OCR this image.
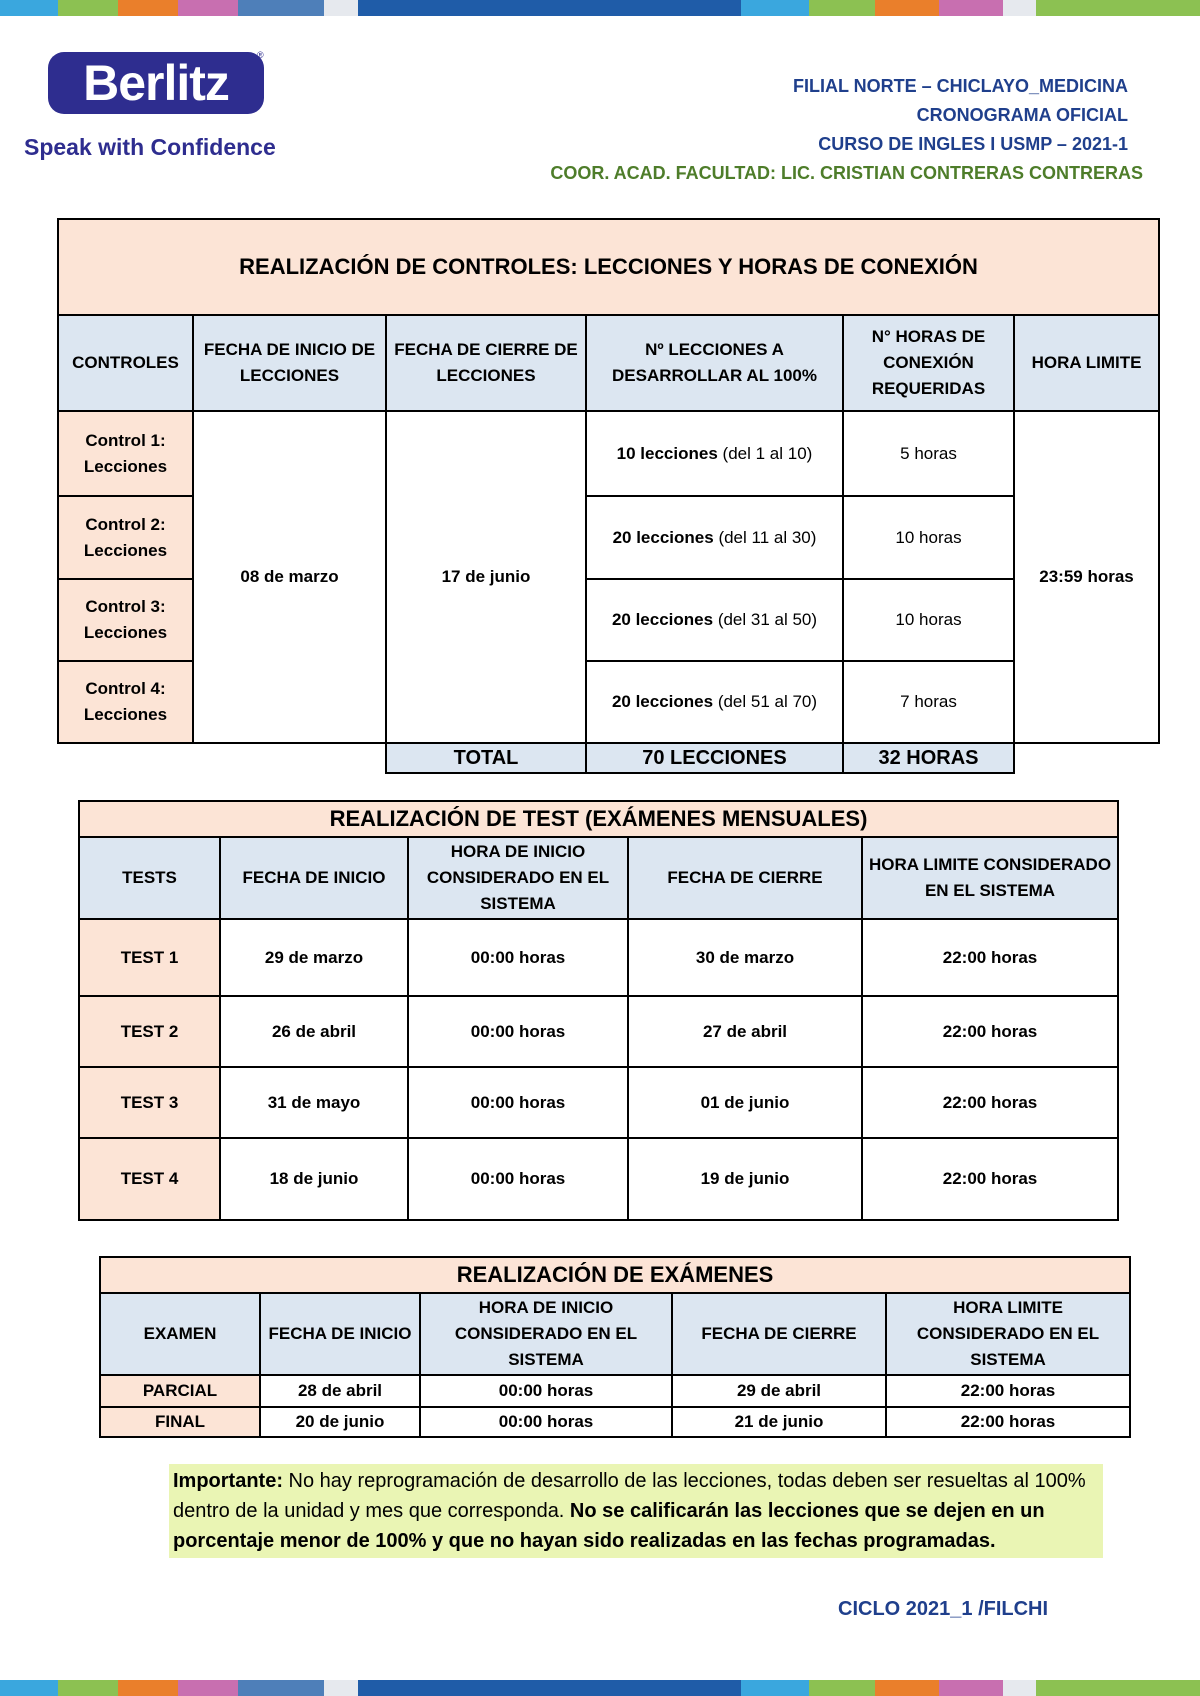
Berlitz	®
Speak with Confidence
FILIAL NORTE – CHICLAYO_MEDICINA
CRONOGRAMA OFICIAL
CURSO DE INGLES I USMP – 2021-1
COOR. ACAD. FACULTAD: LIC. CRISTIAN CONTRERAS CONTRERAS
REALIZACIÓN DE CONTROLES: LECCIONES Y HORAS DE CONEXIÓN					
CONTROLES	FECHA DE INICIO DE LECCIONES	FECHA DE CIERRE DE LECCIONES	Nº LECCIONES A DESARROLLAR AL 100%	N° HORAS DE CONEXIÓN REQUERIDAS	HORA LIMITE
Control 1: Lecciones	08 de marzo	17 de junio	10 lecciones (del 1 al 10)	5 horas	23:59 horas
Control 2: Lecciones			20 lecciones (del 11 al 30)	10 horas	
Control 3: Lecciones			20 lecciones (del 31 al 50)	10 horas	
Control 4: Lecciones			20 lecciones (del 51 al 70)	7 horas	
		TOTAL	70 LECCIONES	32 HORAS	
REALIZACIÓN DE TEST (EXÁMENES MENSUALES)				
TESTS	FECHA DE INICIO	HORA DE INICIO CONSIDERADO EN EL SISTEMA	FECHA DE CIERRE	HORA LIMITE CONSIDERADO EN EL SISTEMA
TEST 1	29 de marzo	00:00 horas	30 de marzo	22:00 horas
TEST 2	26 de abril	00:00 horas	27 de abril	22:00 horas
TEST 3	31 de mayo	00:00 horas	01 de junio	22:00 horas
TEST 4	18 de junio	00:00 horas	19 de junio	22:00 horas
REALIZACIÓN DE EXÁMENES				
EXAMEN	FECHA DE INICIO	HORA DE INICIO CONSIDERADO EN EL SISTEMA	FECHA DE CIERRE	HORA LIMITE CONSIDERADO EN EL SISTEMA
PARCIAL	28 de abril	00:00 horas	29 de abril	22:00 horas
FINAL	20 de junio	00:00 horas	21 de junio	22:00 horas
Importante: No hay reprogramación de desarrollo de las lecciones, todas deben ser resueltas al 100% dentro de la unidad y mes que corresponda. No se calificarán las lecciones que se dejen en un porcentaje menor de 100% y que no hayan sido realizadas en las fechas programadas.
CICLO 2021_1 /FILCHI
